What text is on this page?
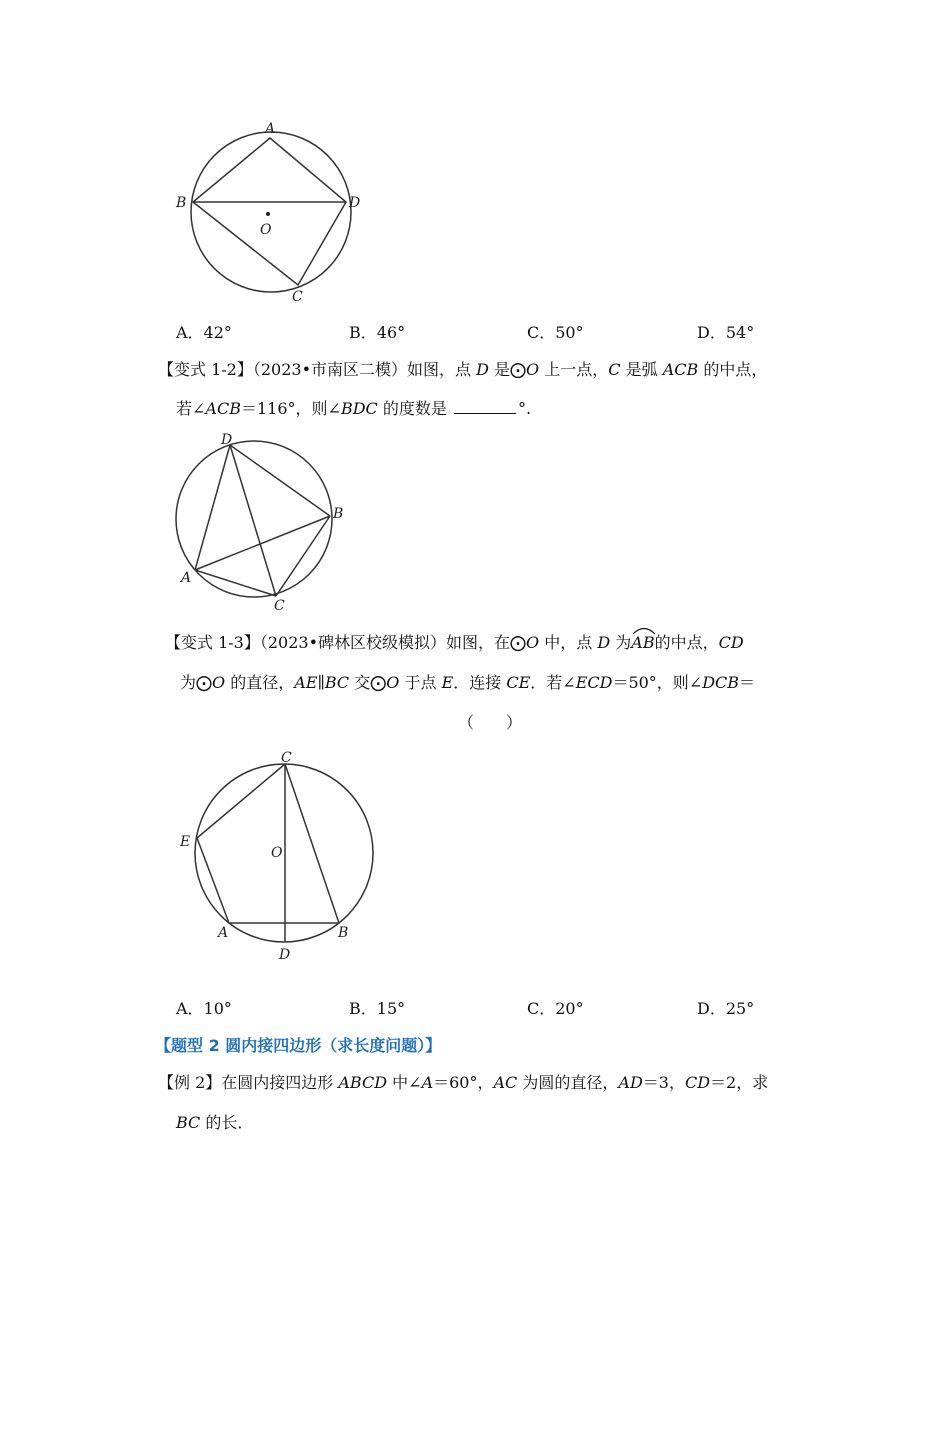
A
B	D
O
C
A．42°	B．46°	C．50°	D．54°
【变式 1-2】（2023•市南区二模）如图，点 D 是⨀O 上一点，C 是弧 ACB 的中点，
若∠ACB＝116°，则∠BDC 的度数是	°.
D
B
A
C
【变式 1-3】（2023•碑林区校级模拟）如图，在⨀O 中，点 D 为
AB的中点，CD
为⨀O 的直径，AE∥BC 交⨀O 于点 E．连接 CE．若∠ECD＝50°，则∠DCB＝
（　　）
C
E
O
A	B
D
A．10°	B．15°	C．20°	D．25°
【题型 2 圆内接四边形（求长度问题）】
【例 2】在圆内接四边形 ABCD 中∠A＝60°，AC 为圆的直径，AD＝3，CD＝2，求
BC 的长．
